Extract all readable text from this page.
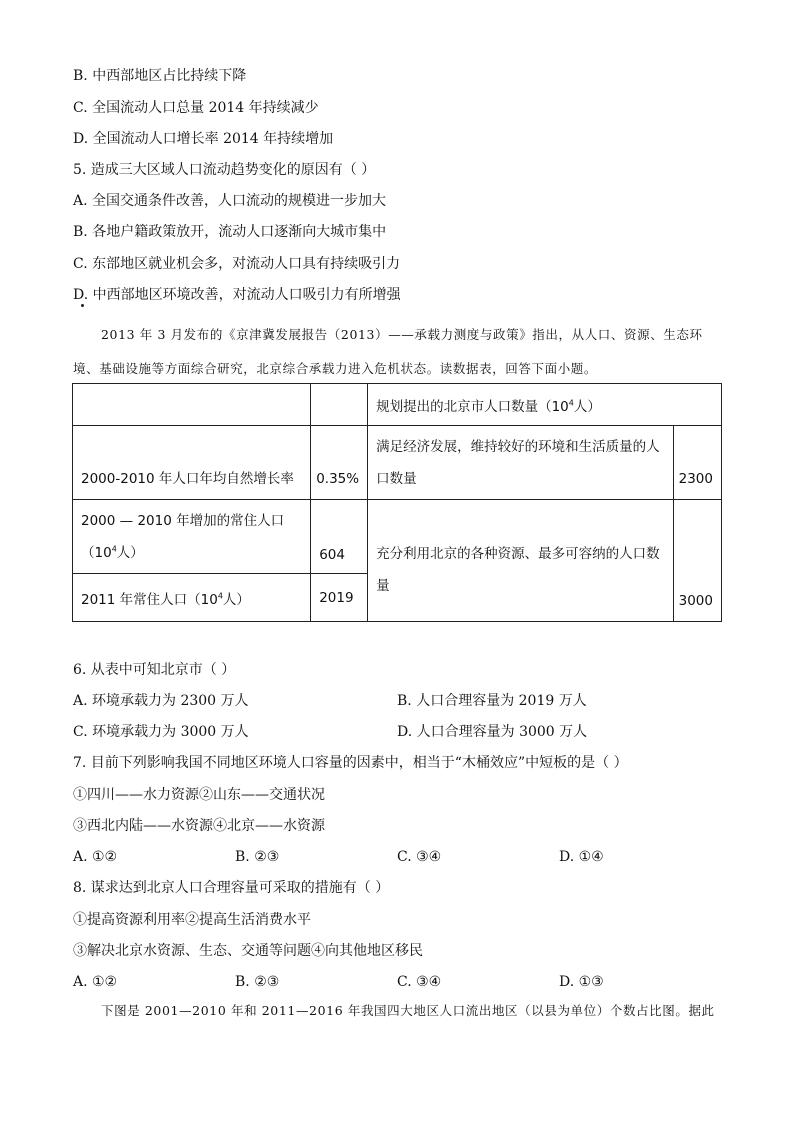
B. 中西部地区占比持续下降
C. 全国流动人口总量 2014 年持续减少
D. 全国流动人口增长率 2014 年持续增加
5. 造成三大区域人口流动趋势变化的原因有（ ）
A. 全国交通条件改善，人口流动的规模进一步加大
B. 各地户籍政策放开，流动人口逐渐向大城市集中
C. 东部地区就业机会多，对流动人口具有持续吸引力
D. 中西部地区环境改善，对流动人口吸引力有所增强
2013 年 3 月发布的《京津冀发展报告（2013）——承载力测度与政策》指出，从人口、资源、生态环境、基础设施等方面综合研究，北京综合承载力进入危机状态。读数据表，回答下面小题。
		规划提出的北京市人口数量（$10^4$人）	
2000-2010 年人口年均自然增长率	0.35%	满足经济发展，维持较好的环境和生活质量的人口数量	2300
2000 — 2010 年增加的常住人口
（$10^4$人）	604	充分利用北京的各种资源、最多可容纳的人口数量	3000
2011 年常住人口（$10^4$人）	2019		
6. 从表中可知北京市（ ）
A. 环境承载力为 2300 万人	B. 人口合理容量为 2019 万人
C. 环境承载力为 3000 万人	D. 人口合理容量为 3000 万人
7. 目前下列影响我国不同地区环境人口容量的因素中，相当于“木桶效应”中短板的是（ ）
①四川——水力资源②山东——交通状况
③西北内陆——水资源④北京——水资源
A. ①②	B. ②③	C. ③④	D. ①④
8. 谋求达到北京人口合理容量可采取的措施有（ ）
①提高资源利用率②提高生活消费水平
③解决北京水资源、生态、交通等问题④向其他地区移民
A. ①②	B. ②③	C. ③④	D. ①③
下图是 2001—2010 年和 2011—2016 年我国四大地区人口流出地区（以县为单位）个数占比图。据此
